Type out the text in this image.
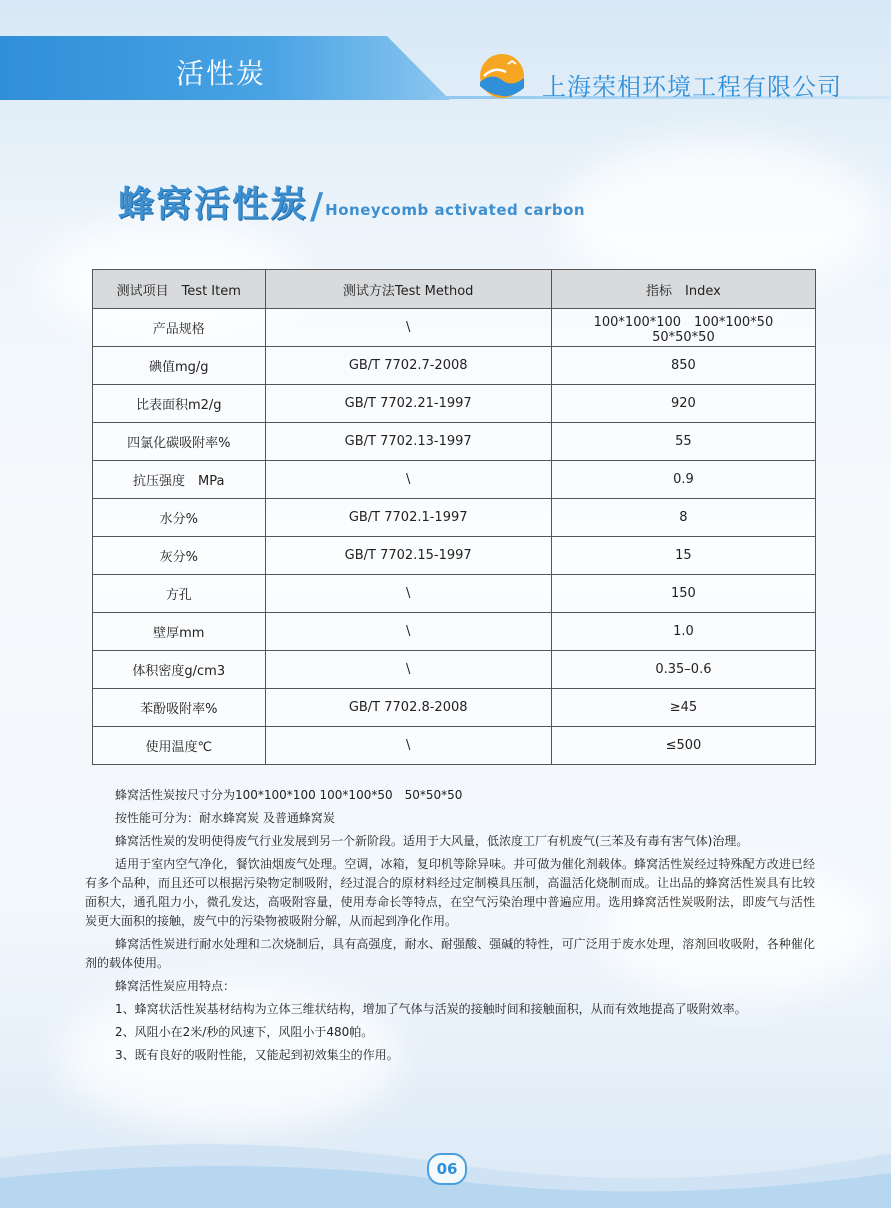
活性炭	上海荣相环境工程有限公司
蜂窝活性炭 / Honeycomb activated carbon
测试项目　Test Item	测试方法Test Method	指标　Index
产品规格	\	100*100*100　100*100*50　50*50*50
碘值mg/g	GB/T 7702.7-2008	850
比表面积m2/g	GB/T 7702.21-1997	920
四氯化碳吸附率%	GB/T 7702.13-1997	55
抗压强度　MPa	\	0.9
水分%	GB/T 7702.1-1997	8
灰分%	GB/T 7702.15-1997	15
方孔	\	150
壁厚mm	\	1.0
体积密度g/cm3	\	0.35–0.6
苯酚吸附率%	GB/T 7702.8-2008	≥45
使用温度℃	\	≤500

蜂窝活性炭按尺寸分为100*100*100 100*100*50　50*50*50

按性能可分为：耐水蜂窝炭 及普通蜂窝炭

蜂窝活性炭的发明使得废气行业发展到另一个新阶段。适用于大风量，低浓度工厂有机废气(三苯及有毒有害气体)治理。

适用于室内空气净化，餐饮油烟废气处理。空调，冰箱，复印机等除异味。并可做为催化剂载体。蜂窝活性炭经过特殊配方改进已经有多个品种，而且还可以根据污染物定制吸附，经过混合的原材料经过定制模具压制，高温活化烧制而成。让出品的蜂窝活性炭具有比较面积大，通孔阻力小，微孔发达，高吸附容量，使用寿命长等特点，在空气污染治理中普遍应用。选用蜂窝活性炭吸附法，即废气与活性炭更大面积的接触，废气中的污染物被吸附分解，从而起到净化作用。

蜂窝活性炭进行耐水处理和二次烧制后，具有高强度，耐水、耐强酸、强碱的特性，可广泛用于废水处理，溶剂回收吸附，各种催化剂的载体使用。

蜂窝活性炭应用特点：

1、蜂窝状活性炭基材结构为立体三维状结构，增加了气体与活炭的接触时间和接触面积，从而有效地提高了吸附效率。

2、风阻小在2米/秒的风速下，风阻小于480帕。

3、既有良好的吸附性能，又能起到初效集尘的作用。

06
